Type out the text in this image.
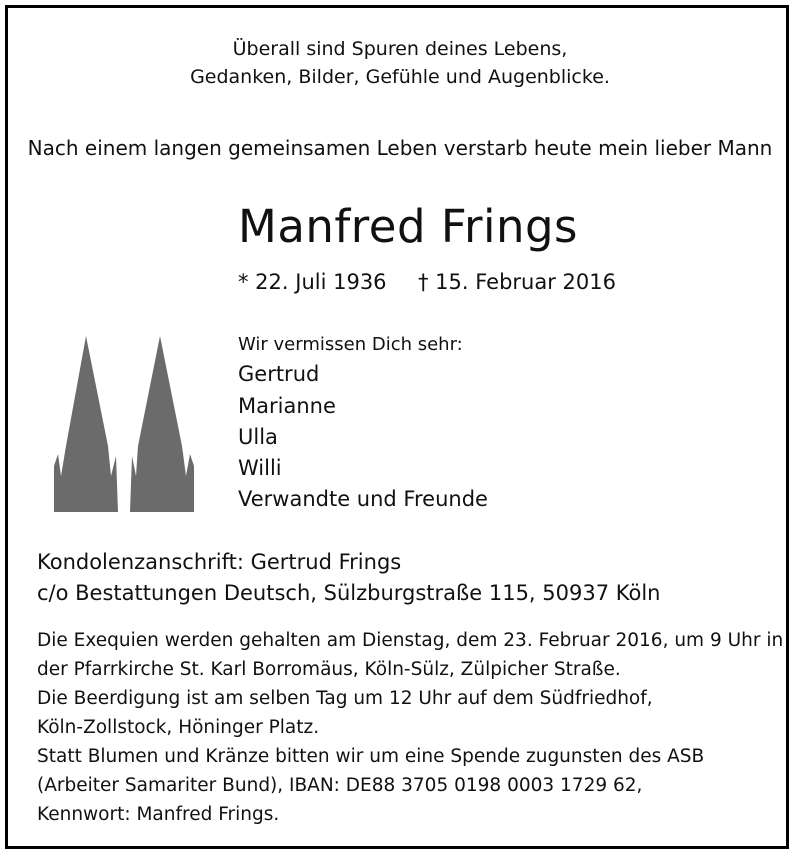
Überall sind Spuren deines Lebens,
Gedanken, Bilder, Gefühle und Augenblicke.
Nach einem langen gemeinsamen Leben verstarb heute mein lieber Mann
Manfred Frings
* 22. Juli 1936 † 15. Februar 2016
Wir vermissen Dich sehr:
Gertrud
Marianne
Ulla
Willi
Verwandte und Freunde
Kondolenzanschrift: Gertrud Frings
c/o Bestattungen Deutsch, Sülzburgstraße 115, 50937 Köln
Die Exequien werden gehalten am Dienstag, dem 23. Februar 2016, um 9 Uhr in
der Pfarrkirche St. Karl Borromäus, Köln-Sülz, Zülpicher Straße.
Die Beerdigung ist am selben Tag um 12 Uhr auf dem Südfriedhof,
Köln-Zollstock, Höninger Platz.
Statt Blumen und Kränze bitten wir um eine Spende zugunsten des ASB
(Arbeiter Samariter Bund), IBAN: DE88 3705 0198 0003 1729 62,
Kennwort: Manfred Frings.
